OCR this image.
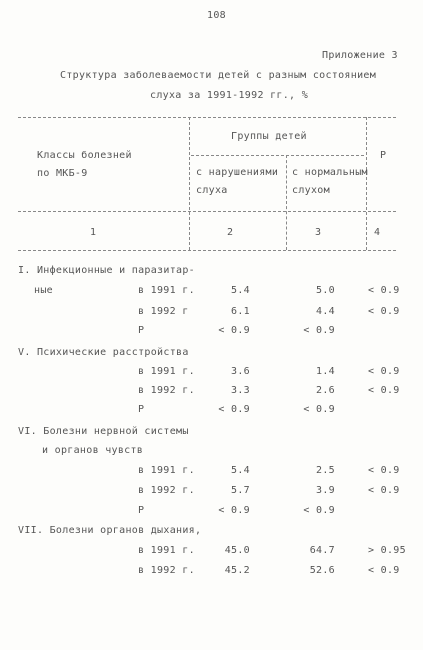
108
Приложение 3
Структура заболеваемости детей с разным состоянием
слуха за 1991-1992 гг., %
Классы болезней
по МКБ-9
Группы детей
с нарушениями
слуха
с нормальным
слухом
P
1	2	3	4
I. Инфекционные и паразитар-
ные	в 1991 г.	5.4	5.0	< 0.9
в 1992 г	6.1	4.4	< 0.9
P	< 0.9	< 0.9
V. Психические расстройства
в 1991 г.	3.6	1.4	< 0.9
в 1992 г.	3.3	2.6	< 0.9
P	< 0.9	< 0.9
VI. Болезни нервной системы
и органов чувств
в 1991 г.	5.4	2.5	< 0.9
в 1992 г.	5.7	3.9	< 0.9
P	< 0.9	< 0.9
VII. Болезни органов дыхания,
в 1991 г.	45.0	64.7	> 0.95
в 1992 г.	45.2	52.6	< 0.9
